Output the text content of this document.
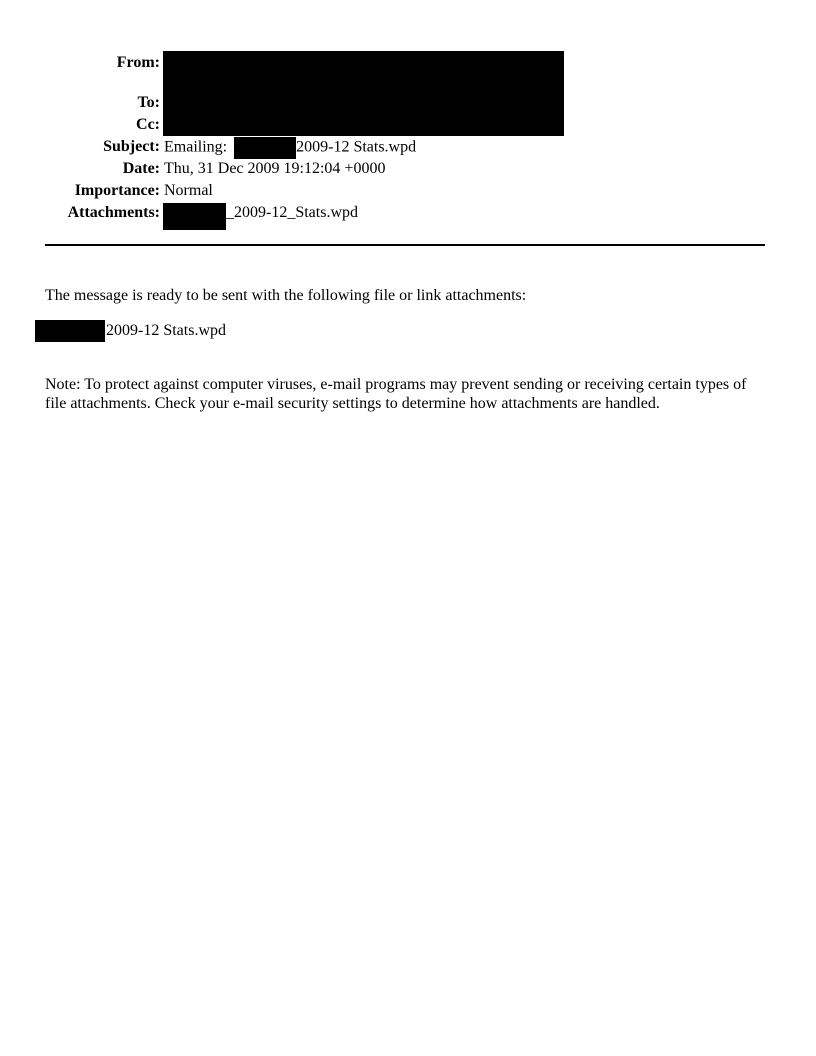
From:
To:
Cc:
Subject: Emailing:	2009-12 Stats.wpd
Date: Thu, 31 Dec 2009 19:12:04 +0000
Importance: Normal
Attachments:	_2009-12_Stats.wpd
The message is ready to be sent with the following file or link attachments:
2009-12 Stats.wpd
Note: To protect against computer viruses, e-mail programs may prevent sending or receiving certain types of file attachments. Check your e-mail security settings to determine how attachments are handled.
